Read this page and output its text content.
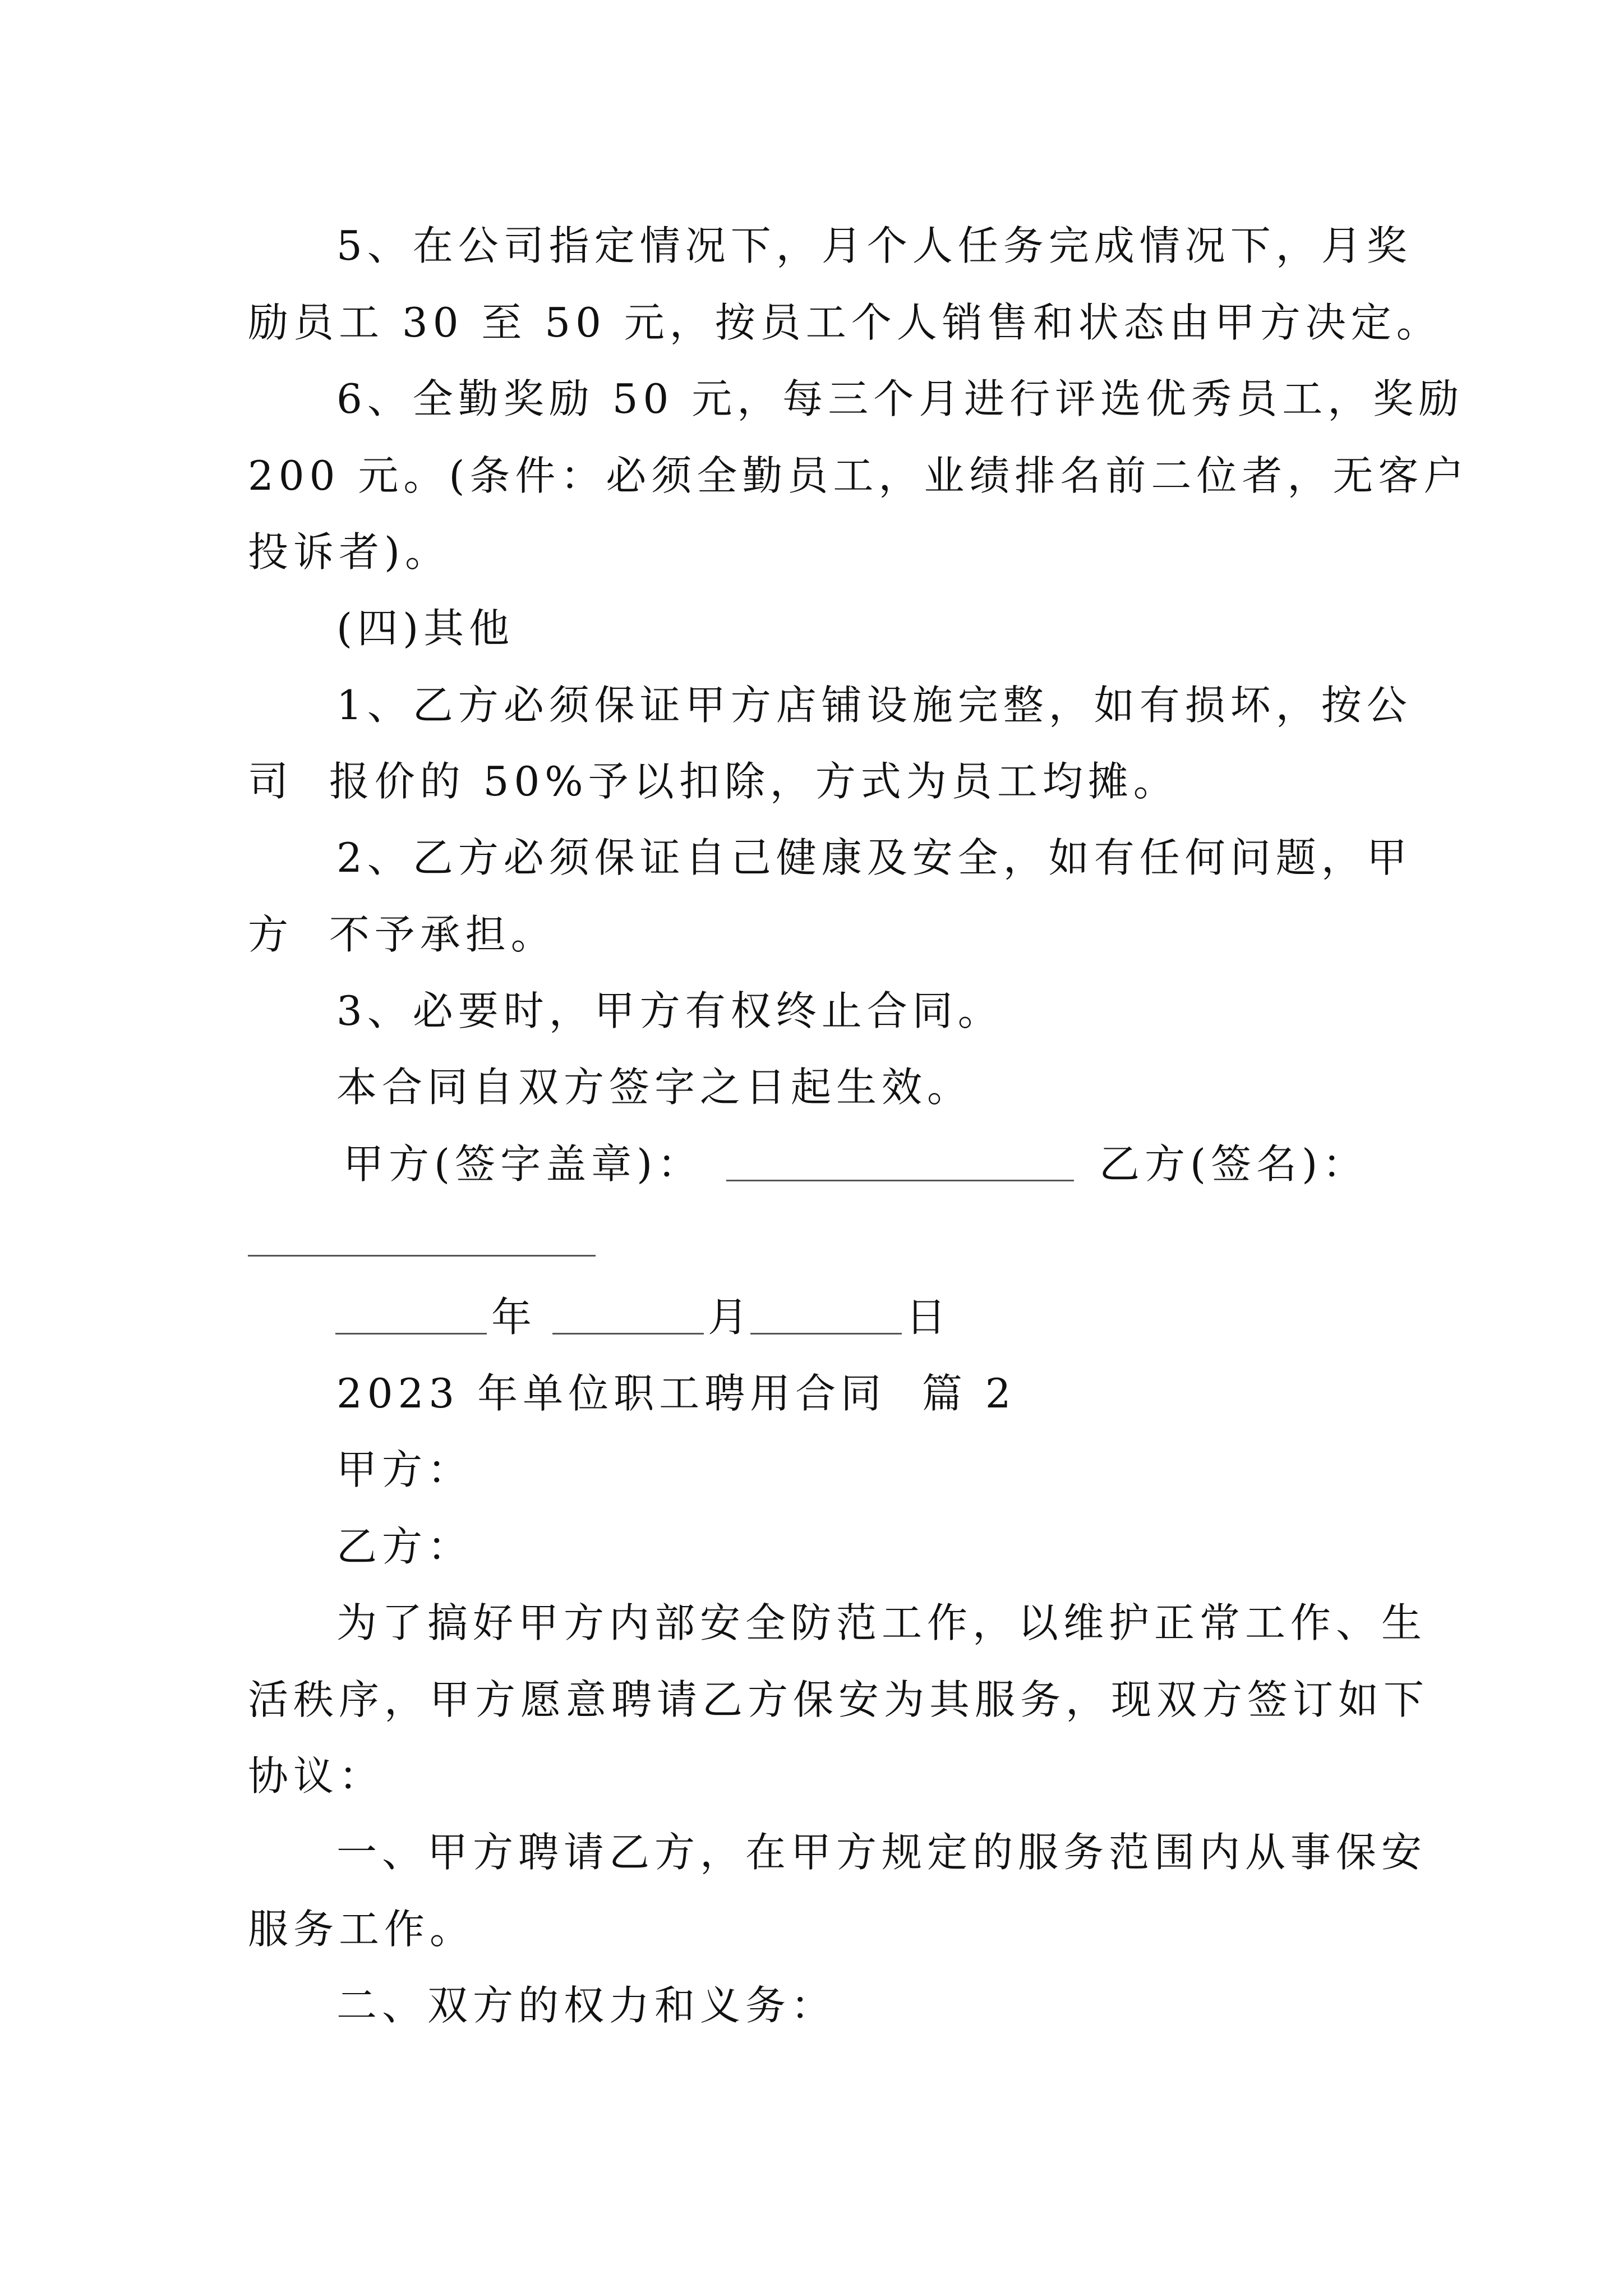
5、在公司指定情况下，月个人任务完成情况下，月奖

励员工 30 至 50 元，按员工个人销售和状态由甲方决定。

6、全勤奖励 50 元，每三个月进行评选优秀员工，奖励

200 元。(条件：必须全勤员工，业绩排名前二位者，无客户

投诉者)。

(四)其他

1、乙方必须保证甲方店铺设施完整，如有损坏，按公

司  报价的 50%予以扣除，方式为员工均摊。

2、乙方必须保证自己健康及安全，如有任何问题，甲

方  不予承担。

3、必要时，甲方有权终止合同。

本合同自双方签字之日起生效。

甲方(签字盖章)：	乙方(签名)：

年	月	日

2023 年单位职工聘用合同  篇 2

甲方：

乙方：

为了搞好甲方内部安全防范工作，以维护正常工作、生

活秩序，甲方愿意聘请乙方保安为其服务，现双方签订如下

协议：

一、甲方聘请乙方，在甲方规定的服务范围内从事保安

服务工作。

二、双方的权力和义务：
